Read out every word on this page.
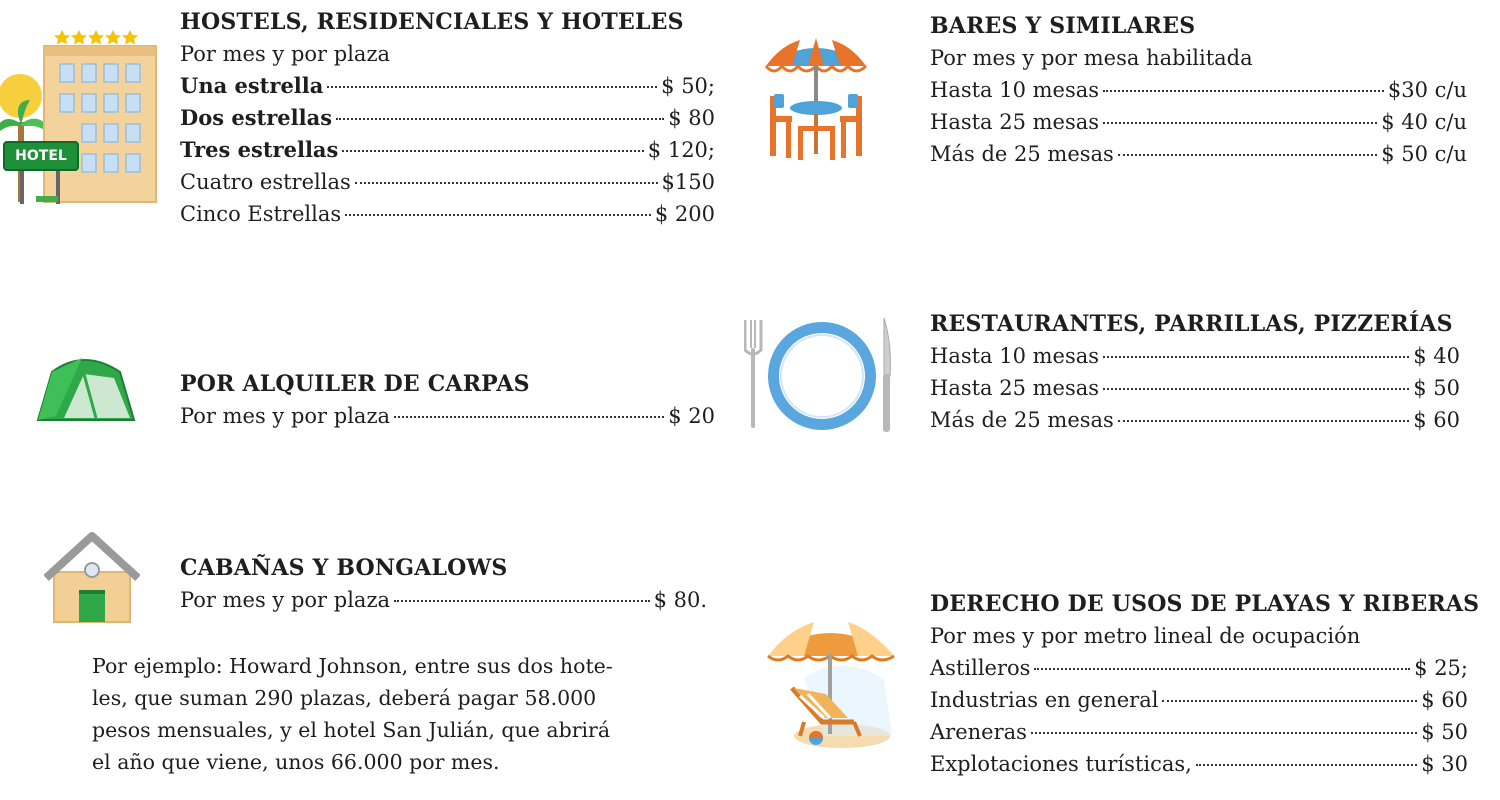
HOTEL
HOSTELS, RESIDENCIALES Y HOTELES
Por mes y por plaza
Una estrella	$ 50;
Dos estrellas	$ 80
Tres estrellas	$ 120;
Cuatro estrellas	$150
Cinco Estrellas	$ 200
BARES Y SIMILARES
Por mes y por mesa habilitada
Hasta 10 mesas	$30 c/u
Hasta 25 mesas	$ 40 c/u
Más de 25 mesas	$ 50 c/u
POR ALQUILER DE CARPAS
Por mes y por plaza	$ 20
RESTAURANTES, PARRILLAS, PIZZERÍAS
Hasta 10 mesas	$ 40
Hasta 25 mesas	$ 50
Más de 25 mesas	$ 60
CABAÑAS Y BONGALOWS
Por mes y por plaza	$ 80.

Por ejemplo: Howard Johnson, entre sus dos hote-

les, que suman 290 plazas, deberá pagar 58.000

pesos mensuales, y el hotel San Julián, que abrirá

el año que viene, unos 66.000 por mes.

DERECHO DE USOS DE PLAYAS Y RIBERAS
Por mes y por metro lineal de ocupación
Astilleros	$ 25;
Industrias en general	$ 60
Areneras	$ 50
Explotaciones turísticas,	$ 30
